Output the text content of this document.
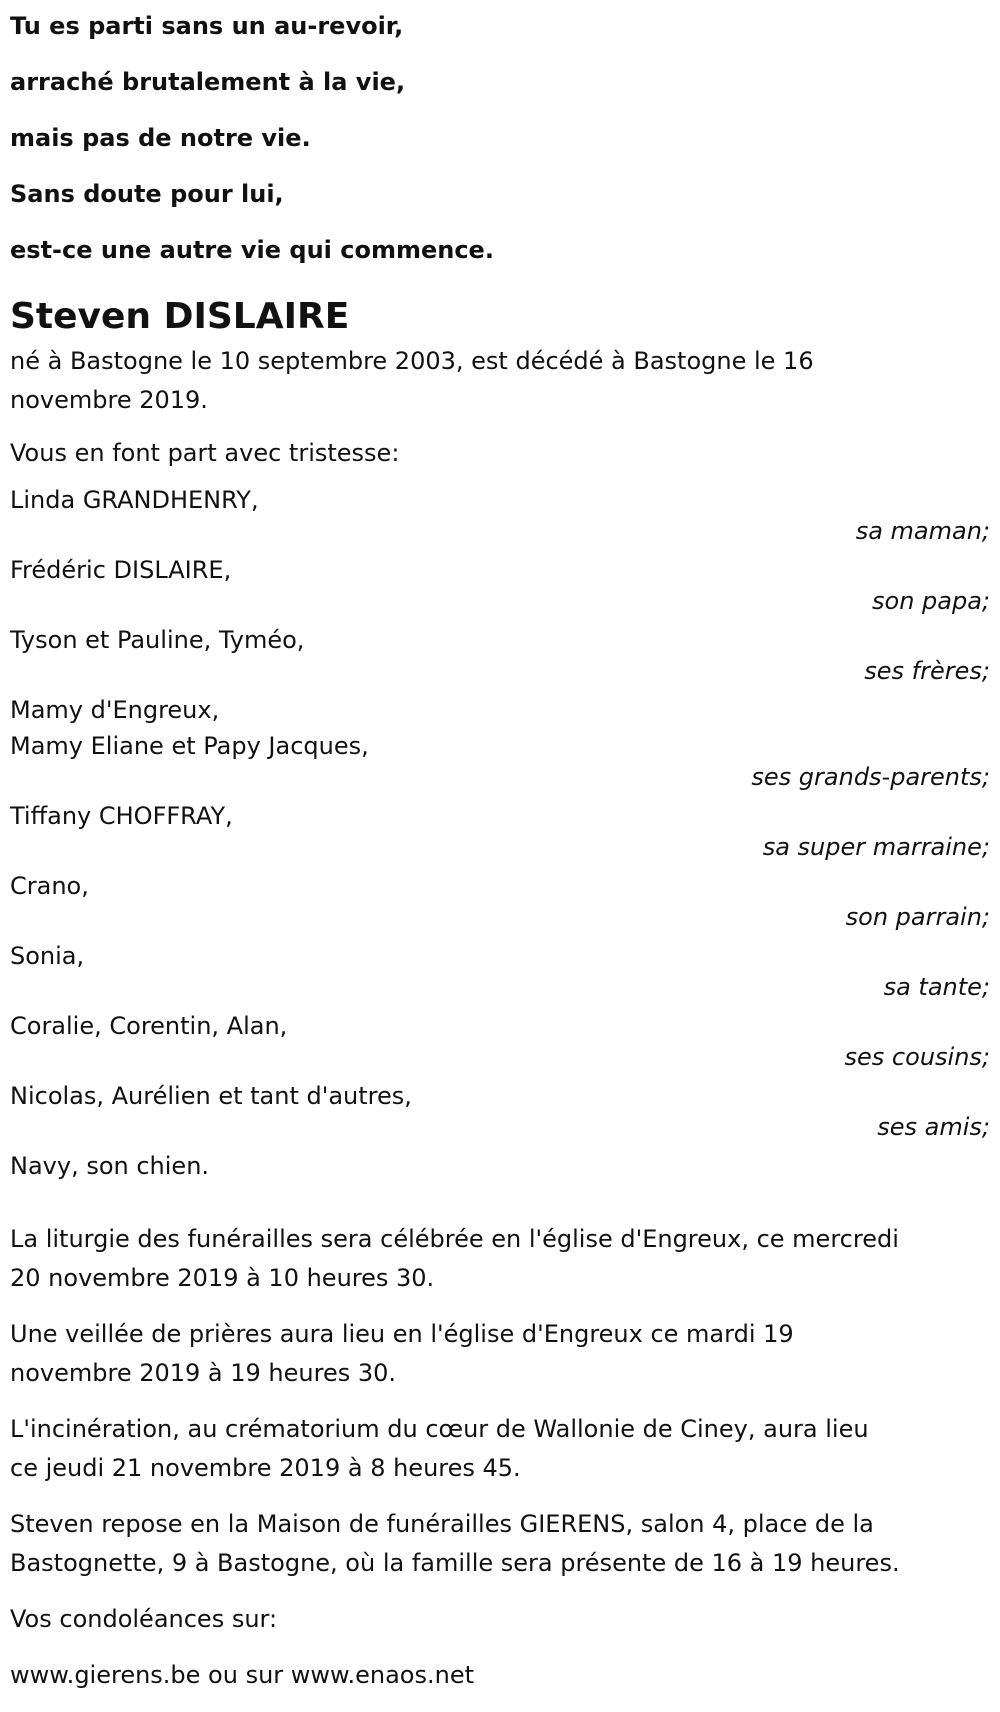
Tu es parti sans un au-revoir,
arraché brutalement à la vie,
mais pas de notre vie.
Sans doute pour lui,
est-ce une autre vie qui commence.
Steven DISLAIRE
né à Bastogne le 10 septembre 2003, est décédé à Bastogne le 16
novembre 2019.
Vous en font part avec tristesse:
Linda GRANDHENRY,
sa maman;
Frédéric DISLAIRE,
son papa;
Tyson et Pauline, Tyméo,
ses frères;
Mamy d'Engreux,
Mamy Eliane et Papy Jacques,
ses grands-parents;
Tiffany CHOFFRAY,
sa super marraine;
Crano,
son parrain;
Sonia,
sa tante;
Coralie, Corentin, Alan,
ses cousins;
Nicolas, Aurélien et tant d'autres,
ses amis;
Navy, son chien.
La liturgie des funérailles sera célébrée en l'église d'Engreux, ce mercredi
20 novembre 2019 à 10 heures 30.
Une veillée de prières aura lieu en l'église d'Engreux ce mardi 19
novembre 2019 à 19 heures 30.
L'incinération, au crématorium du cœur de Wallonie de Ciney, aura lieu
ce jeudi 21 novembre 2019 à 8 heures 45.
Steven repose en la Maison de funérailles GIERENS, salon 4, place de la
Bastognette, 9 à Bastogne, où la famille sera présente de 16 à 19 heures.
Vos condoléances sur:
www.gierens.be ou sur www.enaos.net
